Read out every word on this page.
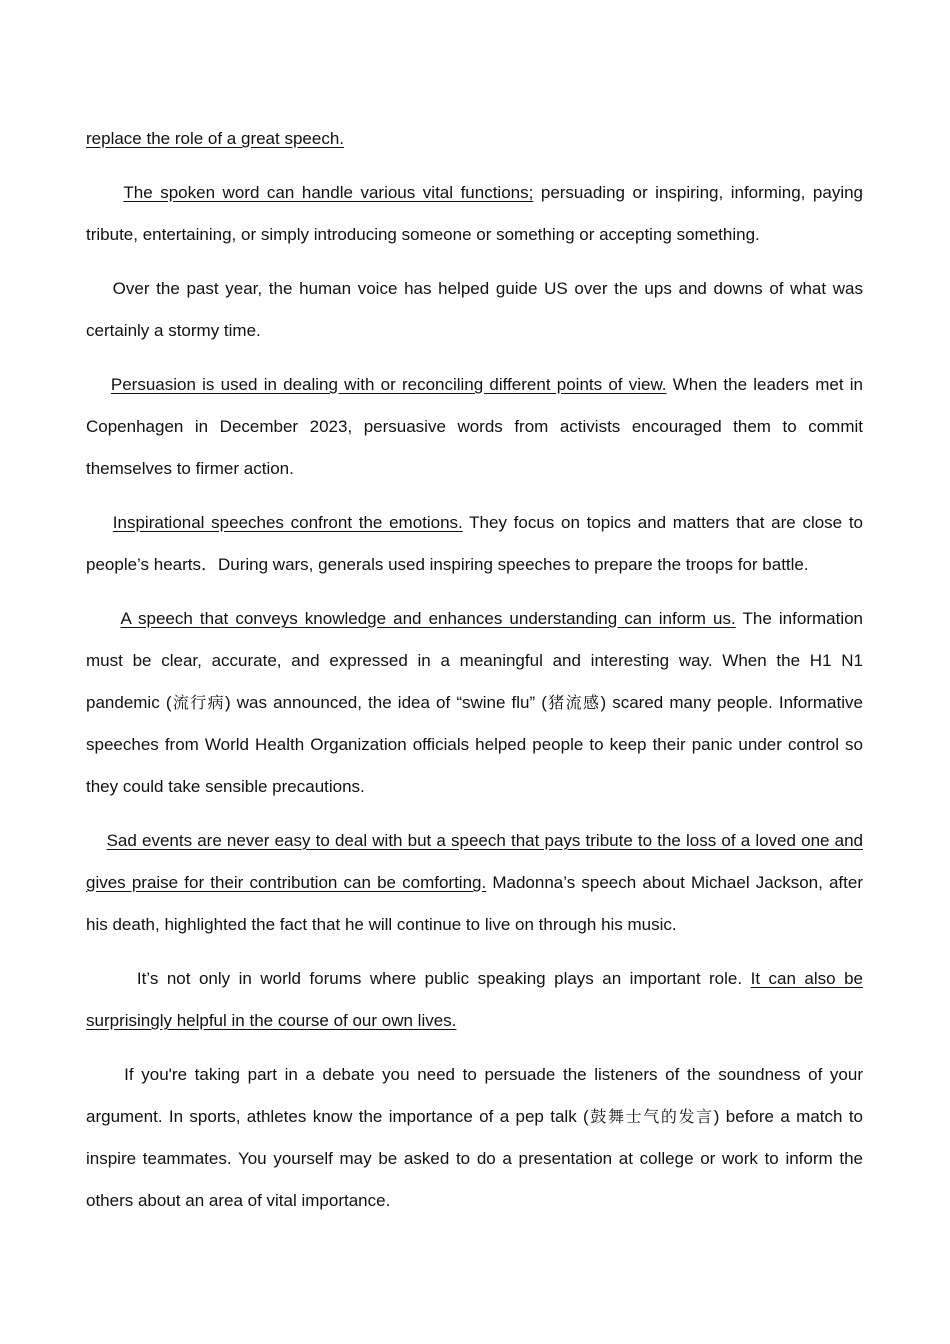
replace the role of a great speech.

The spoken word can handle various vital functions; persuading or inspiring, informing, paying tribute, entertaining, or simply introducing someone or something or accepting something.

Over the past year, the human voice has helped guide US over the ups and downs of what was certainly a stormy time.

Persuasion is used in dealing with or reconciling different points of view. When the leaders met in Copenhagen in December 2023, persuasive words from activists encouraged them to commit themselves to firmer action.

Inspirational speeches confront the emotions. They focus on topics and matters that are close to people’s hearts．During wars, generals used inspiring speeches to prepare the troops for battle.

A speech that conveys knowledge and enhances understanding can inform us. The information must be clear, accurate, and expressed in a meaningful and interesting way. When the H1 N1 pandemic (流行病) was announced, the idea of “swine flu” (猪流感) scared many people. Informative speeches from World Health Organization officials helped people to keep their panic under control so they could take sensible precautions.

Sad events are never easy to deal with but a speech that pays tribute to the loss of a loved one and gives praise for their contribution can be comforting. Madonna’s speech about Michael Jackson, after his death, highlighted the fact that he will continue to live on through his music.

It’s not only in world forums where public speaking plays an important role. It can also be surprisingly helpful in the course of our own lives.

If you're taking part in a debate you need to persuade the listeners of the soundness of your argument. In sports, athletes know the importance of a pep talk (鼓舞士气的发言) before a match to inspire teammates. You yourself may be asked to do a presentation at college or work to inform the others about an area of vital importance.
